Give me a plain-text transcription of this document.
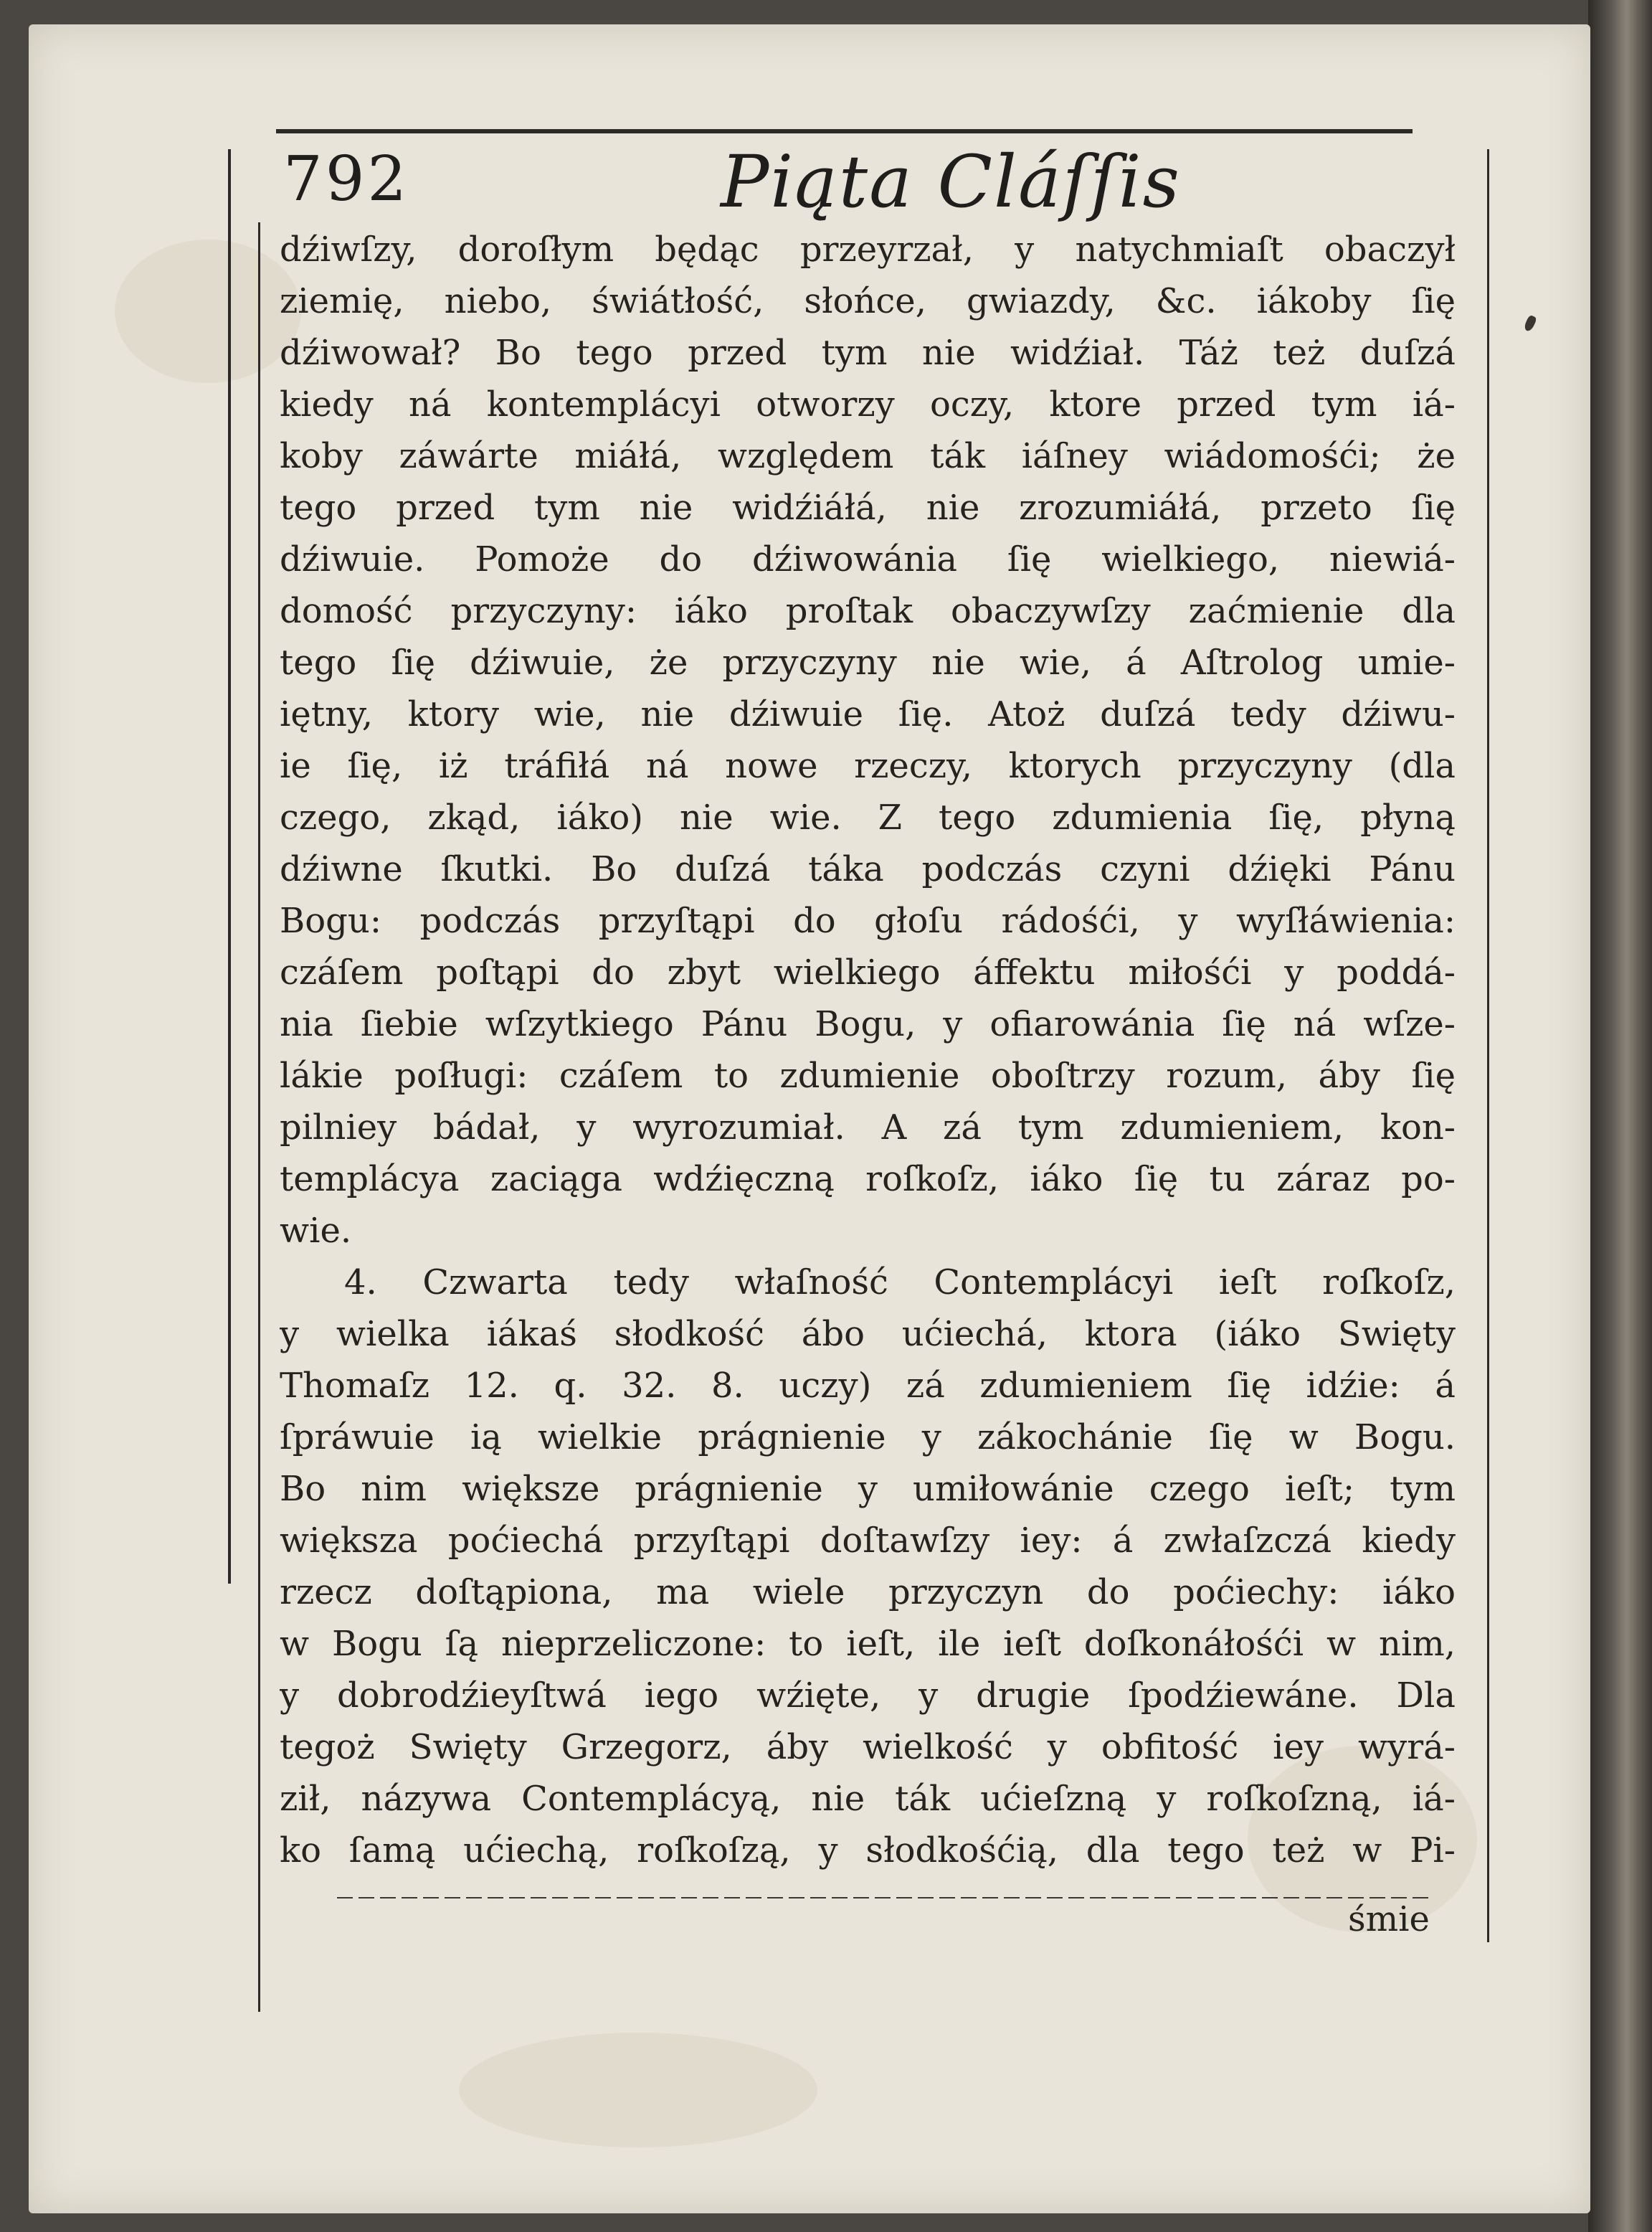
792	Piąta Cláſſis
dźiwſzy, doroſłym będąc przeyrzał, y natychmiaſt obaczył
ziemię, niebo, świátłość, słońce, gwiazdy, &c. iákoby ſię
dźiwował? Bo tego przed tym nie widźiał. Táż też duſzá
kiedy ná kontemplácyi otworzy oczy, ktore przed tym iá-
koby záwárte miáłá, względem ták iáſney wiádomośći; że
tego przed tym nie widźiáłá, nie zrozumiáłá, przeto ſię
dźiwuie. Pomoże do dźiwowánia ſię wielkiego, niewiá-
domość przyczyny: iáko proſtak obaczywſzy zaćmienie dla
tego ſię dźiwuie, że przyczyny nie wie, á Aſtrolog umie-
iętny, ktory wie, nie dźiwuie ſię. Atoż duſzá tedy dźiwu-
ie ſię, iż tráfiłá ná nowe rzeczy, ktorych przyczyny (dla
czego, zkąd, iáko) nie wie. Z tego zdumienia ſię, płyną
dźiwne ſkutki. Bo duſzá táka podczás czyni dźięki Pánu
Bogu: podczás przyſtąpi do głoſu rádośći, y wyſłáwienia:
czáſem poſtąpi do zbyt wielkiego áffektu miłośći y poddá-
nia ſiebie wſzytkiego Pánu Bogu, y ofiarowánia ſię ná wſze-
lákie poſługi: czáſem to zdumienie oboſtrzy rozum, áby ſię
pilniey bádał, y wyrozumiał. A zá tym zdumieniem, kon-
templácya zaciąga wdźięczną roſkoſz, iáko ſię tu záraz po-
wie.
4. Czwarta tedy właſność Contemplácyi ieſt roſkoſz,
y wielka iákaś słodkość ábo ućiechá, ktora (iáko Swięty
Thomaſz 12. q. 32. 8. uczy) zá zdumieniem ſię idźie: á
ſpráwuie ią wielkie prágnienie y zákochánie ſię w Bogu.
Bo nim większe prágnienie y umiłowánie czego ieſt; tym
większa poćiechá przyſtąpi doſtawſzy iey: á zwłaſzczá kiedy
rzecz doſtąpiona, ma wiele przyczyn do poćiechy: iáko
w Bogu ſą nieprzeliczone: to ieſt, ile ieſt doſkonáłośći w nim,
y dobrodźieyſtwá iego wźięte, y drugie ſpodźiewáne. Dla
tegoż Swięty Grzegorz, áby wielkość y obfitość iey wyrá-
ził, názywa Contemplácyą, nie ták ućieſzną y roſkoſzną, iá-
ko ſamą ućiechą, roſkoſzą, y słodkośćią, dla tego też w Pi-
śmie
